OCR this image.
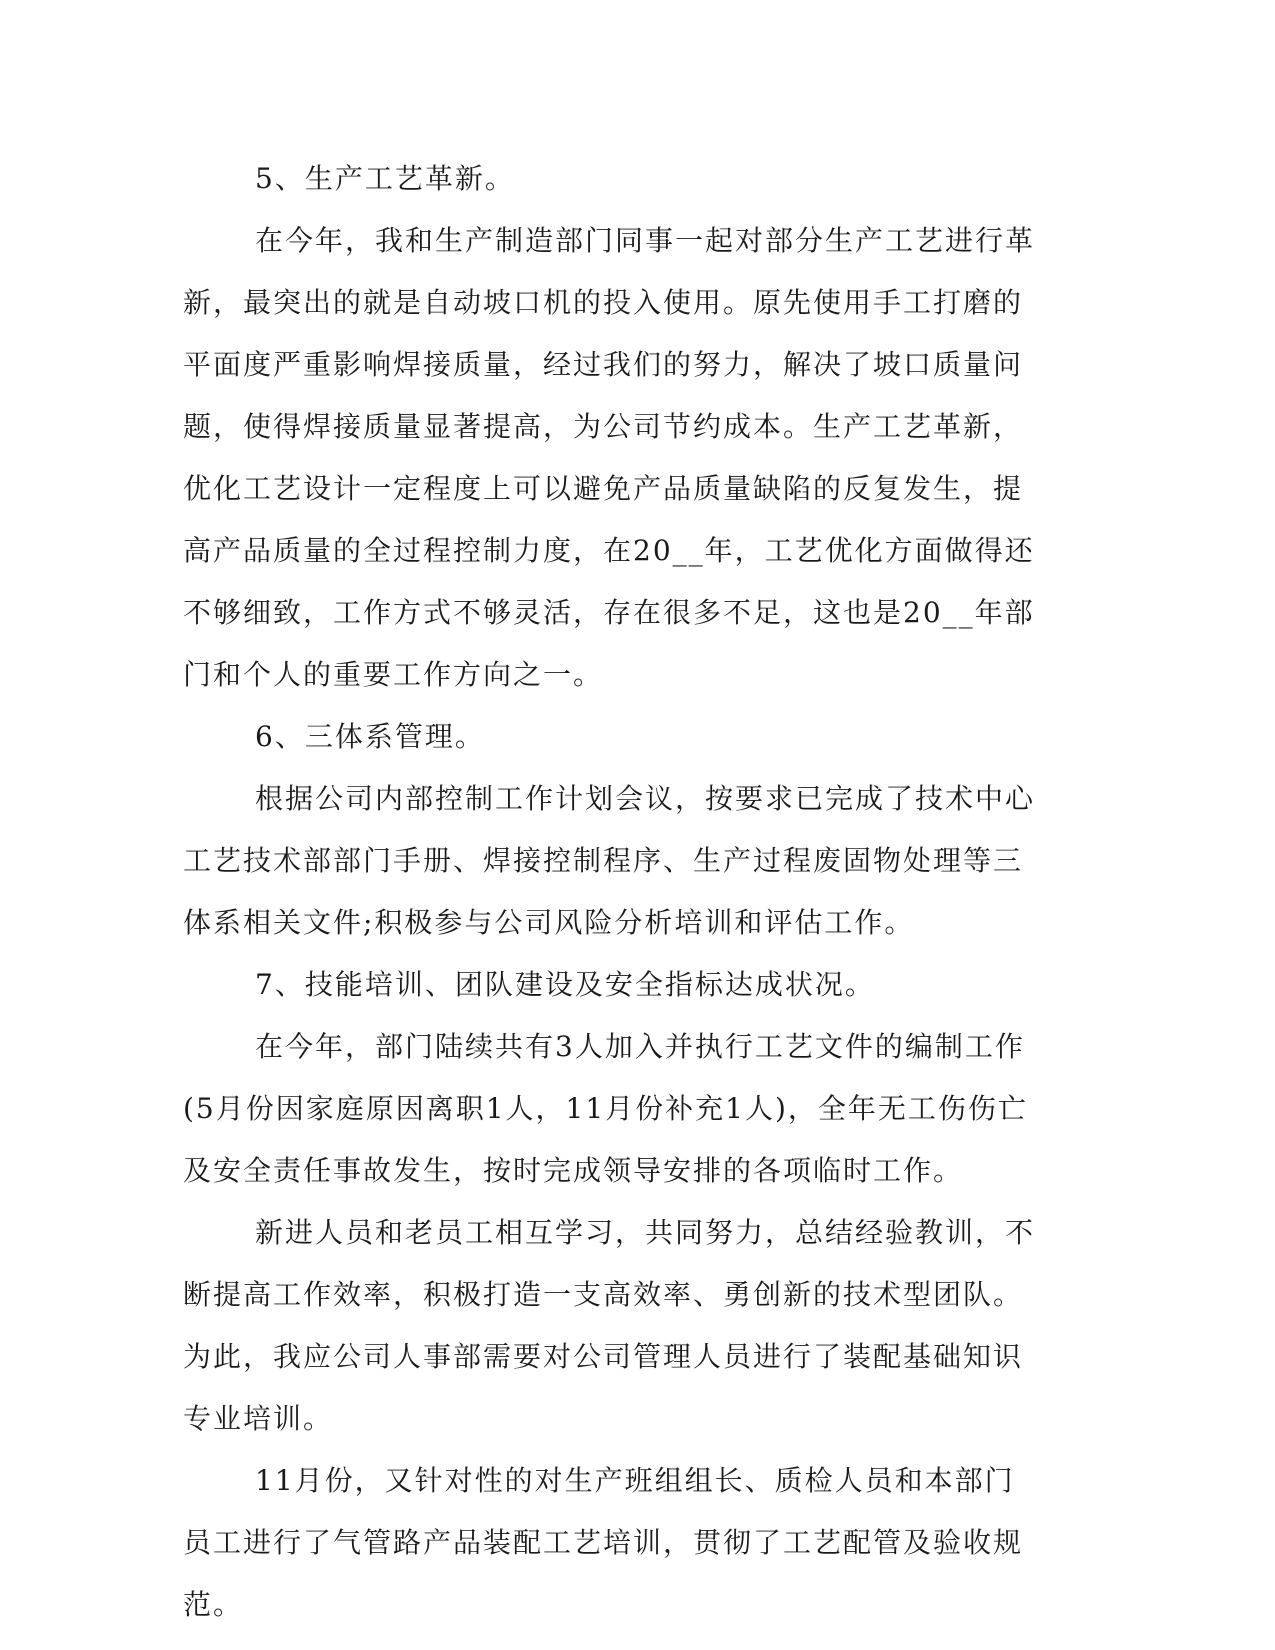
5、生产工艺革新。

在今年，我和生产制造部门同事一起对部分生产工艺进行革新，最突出的就是自动坡口机的投入使用。原先使用手工打磨的平面度严重影响焊接质量，经过我们的努力，解决了坡口质量问题，使得焊接质量显著提高，为公司节约成本。生产工艺革新，优化工艺设计一定程度上可以避免产品质量缺陷的反复发生，提高产品质量的全过程控制力度，在20__年，工艺优化方面做得还不够细致，工作方式不够灵活，存在很多不足，这也是20__年部门和个人的重要工作方向之一。

6、三体系管理。

根据公司内部控制工作计划会议，按要求已完成了技术中心工艺技术部部门手册、焊接控制程序、生产过程废固物处理等三体系相关文件;积极参与公司风险分析培训和评估工作。

7、技能培训、团队建设及安全指标达成状况。

在今年，部门陆续共有3人加入并执行工艺文件的编制工作(5月份因家庭原因离职1人，11月份补充1人)，全年无工伤伤亡及安全责任事故发生，按时完成领导安排的各项临时工作。

新进人员和老员工相互学习，共同努力，总结经验教训，不断提高工作效率，积极打造一支高效率、勇创新的技术型团队。为此，我应公司人事部需要对公司管理人员进行了装配基础知识专业培训。

11月份，又针对性的对生产班组组长、质检人员和本部门员工进行了气管路产品装配工艺培训，贯彻了工艺配管及验收规范。
